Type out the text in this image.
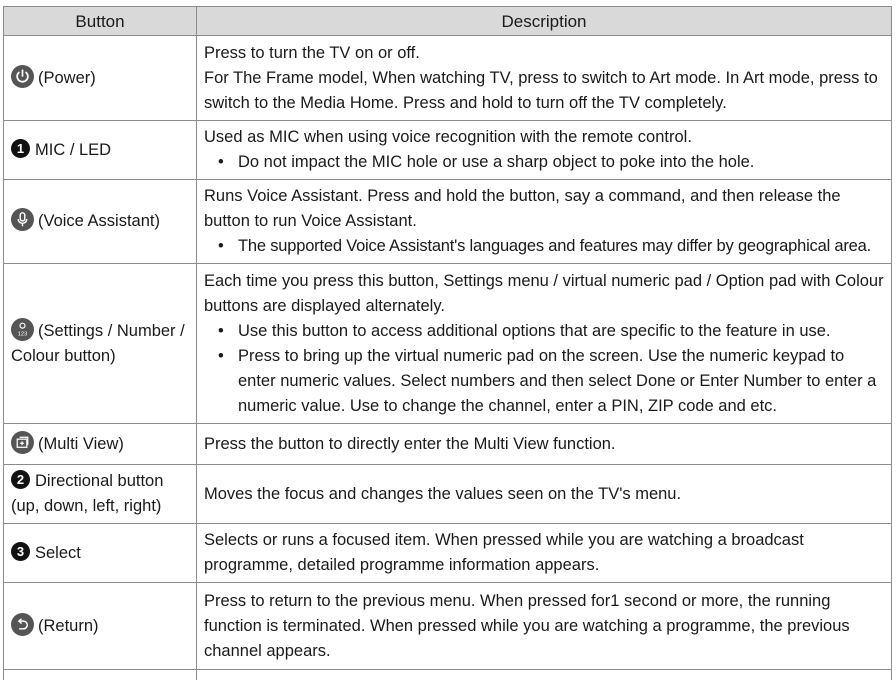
Button	Description

(Power)	Press to turn the TV on or off.
For The Frame model, When watching TV, press to switch to Art mode. In Art mode, press to switch to the Media Home. Press and hold to turn off the TV completely.
1 MIC / LED	Used as MIC when using voice recognition with the remote control.
• Do not impact the MIC hole or use a sharp object to poke into the hole.

(Voice Assistant)	Runs Voice Assistant. Press and hold the button, say a command, and then release the button to run Voice Assistant.
• The supported Voice Assistant's languages and features may differ by geographical area.

123 (Settings / Number / Colour button)	Each time you press this button, Settings menu / virtual numeric pad / Option pad with Colour buttons are displayed alternately.
• Use this button to access additional options that are specific to the feature in use.
• Press to bring up the virtual numeric pad on the screen. Use the numeric keypad to enter numeric values. Select numbers and then select Done or Enter Number to enter a numeric value. Use to change the channel, enter a PIN, ZIP code and etc.

(Multi View)	Press the button to directly enter the Multi View function.
2 Directional button (up, down, left, right)	Moves the focus and changes the values seen on the TV's menu.
3 Select	Selects or runs a focused item. When pressed while you are watching a broadcast programme, detailed programme information appears.

(Return)	Press to return to the previous menu. When pressed for1 second or more, the running function is terminated. When pressed while you are watching a programme, the previous channel appears.
